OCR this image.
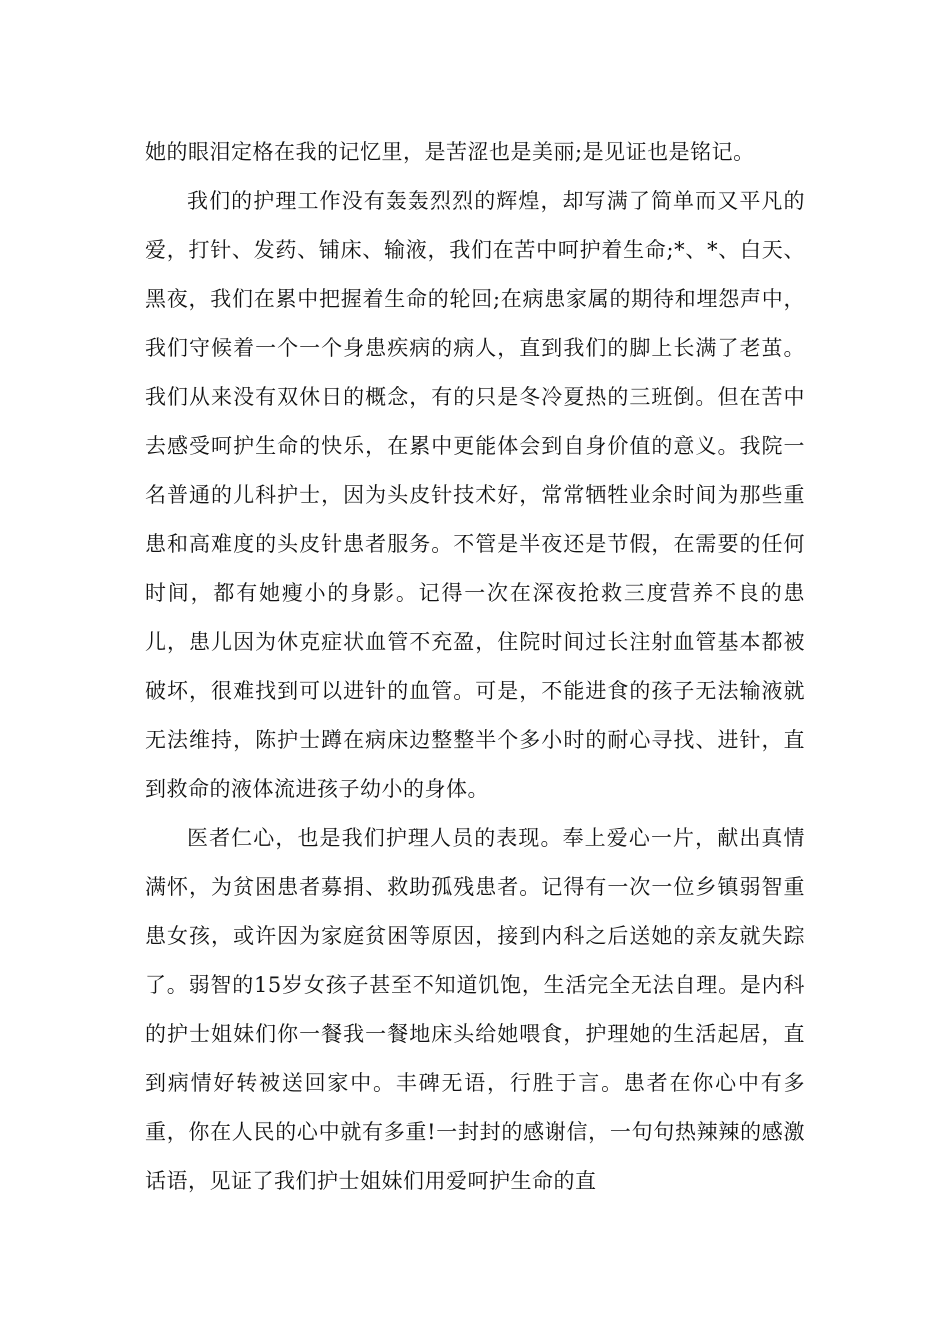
她的眼泪定格在我的记忆里，是苦涩也是美丽;是见证也是铭记。

我们的护理工作没有轰轰烈烈的辉煌，却写满了简单而又平凡的爱，打针、发药、铺床、输液，我们在苦中呵护着生命;*、*、白天、黑夜，我们在累中把握着生命的轮回;在病患家属的期待和埋怨声中，我们守候着一个一个身患疾病的病人，直到我们的脚上长满了老茧。我们从来没有双休日的概念，有的只是冬冷夏热的三班倒。但在苦中去感受呵护生命的快乐，在累中更能体会到自身价值的意义。我院一名普通的儿科护士，因为头皮针技术好，常常牺牲业余时间为那些重患和高难度的头皮针患者服务。不管是半夜还是节假，在需要的任何时间，都有她瘦小的身影。记得一次在深夜抢救三度营养不良的患儿，患儿因为休克症状血管不充盈，住院时间过长注射血管基本都被破坏，很难找到可以进针的血管。可是，不能进食的孩子无法输液就无法维持，陈护士蹲在病床边整整半个多小时的耐心寻找、进针，直到救命的液体流进孩子幼小的身体。

医者仁心，也是我们护理人员的表现。奉上爱心一片，献出真情满怀，为贫困患者募捐、救助孤残患者。记得有一次一位乡镇弱智重患女孩，或许因为家庭贫困等原因，接到内科之后送她的亲友就失踪了。弱智的15岁女孩子甚至不知道饥饱，生活完全无法自理。是内科的护士姐妹们你一餐我一餐地床头给她喂食，护理她的生活起居，直到病情好转被送回家中。丰碑无语，行胜于言。患者在你心中有多重，你在人民的心中就有多重!一封封的感谢信，一句句热辣辣的感激话语，见证了我们护士姐妹们用爱呵护生命的直
